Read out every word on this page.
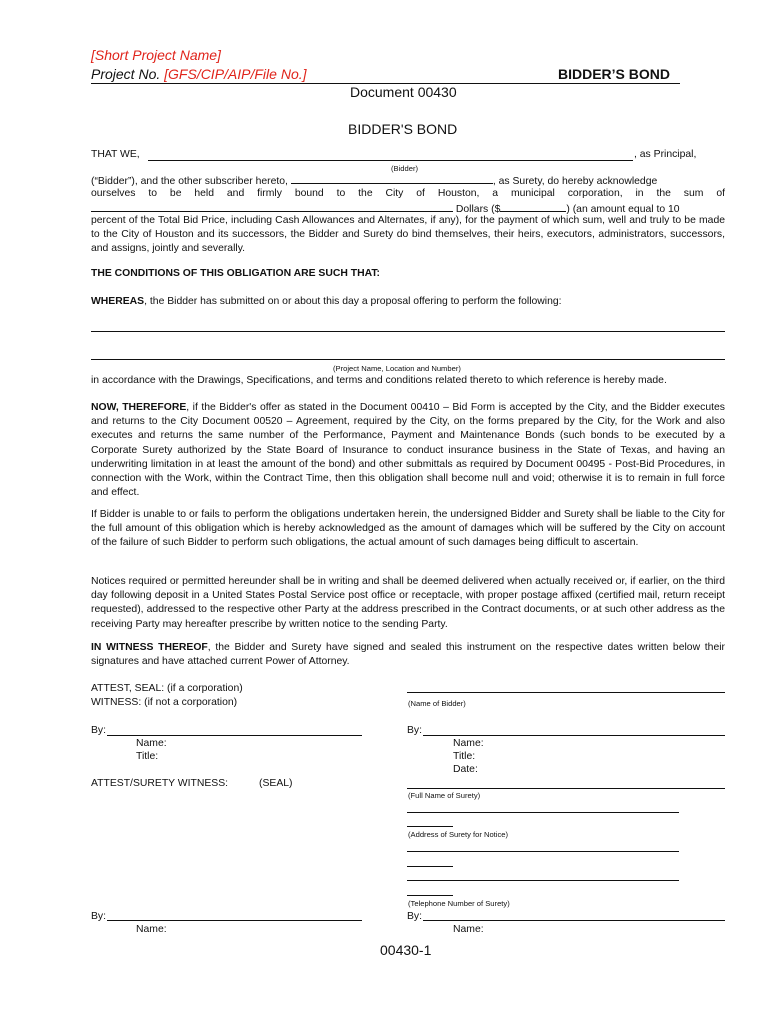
[Short Project Name]
Project No. [GFS/CIP/AIP/File No.]	BIDDER’S BOND
Document 00430
BIDDER'S BOND
THAT WE,	, as Principal,
(Bidder)
(“Bidder”), and the other subscriber hereto,	, as Surety, do hereby acknowledge
ourselves to be held and firmly bound to the City of Houston, a municipal corporation, in the sum of
Dollars ($	) (an amount equal to 10
percent of the Total Bid Price, including Cash Allowances and Alternates, if any), for the payment of which sum, well and truly to be made to the City of Houston and its successors, the Bidder and Surety do bind themselves, their heirs, executors, administrators, successors, and assigns, jointly and severally.
THE CONDITIONS OF THIS OBLIGATION ARE SUCH THAT:
WHEREAS, the Bidder has submitted on or about this day a proposal offering to perform the following:
(Project Name, Location and Number)
in accordance with the Drawings, Specifications, and terms and conditions related thereto to which reference is hereby made.
NOW, THEREFORE, if the Bidder's offer as stated in the Document 00410 – Bid Form is accepted by the City, and the Bidder executes and returns to the City Document 00520 – Agreement, required by the City, on the forms prepared by the City, for the Work and also executes and returns the same number of the Performance, Payment and Maintenance Bonds (such bonds to be executed by a Corporate Surety authorized by the State Board of Insurance to conduct insurance business in the State of Texas, and having an underwriting limitation in at least the amount of the bond) and other submittals as required by Document 00495 - Post-Bid Procedures, in connection with the Work, within the Contract Time, then this obligation shall become null and void; otherwise it is to remain in full force and effect.
If Bidder is unable to or fails to perform the obligations undertaken herein, the undersigned Bidder and Surety shall be liable to the City for the full amount of this obligation which is hereby acknowledged as the amount of damages which will be suffered by the City on account of the failure of such Bidder to perform such obligations, the actual amount of such damages being difficult to ascertain.
Notices required or permitted hereunder shall be in writing and shall be deemed delivered when actually received or, if earlier, on the third day following deposit in a United States Postal Service post office or receptacle, with proper postage affixed (certified mail, return receipt requested), addressed to the respective other Party at the address prescribed in the Contract documents, or at such other address as the receiving Party may hereafter prescribe by written notice to the sending Party.
IN WITNESS THEREOF, the Bidder and Surety have signed and sealed this instrument on the respective dates written below their signatures and have attached current Power of Attorney.
ATTEST, SEAL: (if a corporation)
WITNESS: (if not a corporation)
By:
Name:
Title:
ATTEST/SURETY WITNESS:	(SEAL)
By:
Name:
(Name of Bidder)
By:
Name:
Title:
Date:
(Full Name of Surety)
(Address of Surety for Notice)
(Telephone Number of Surety)
By:
Name:
00430-1
